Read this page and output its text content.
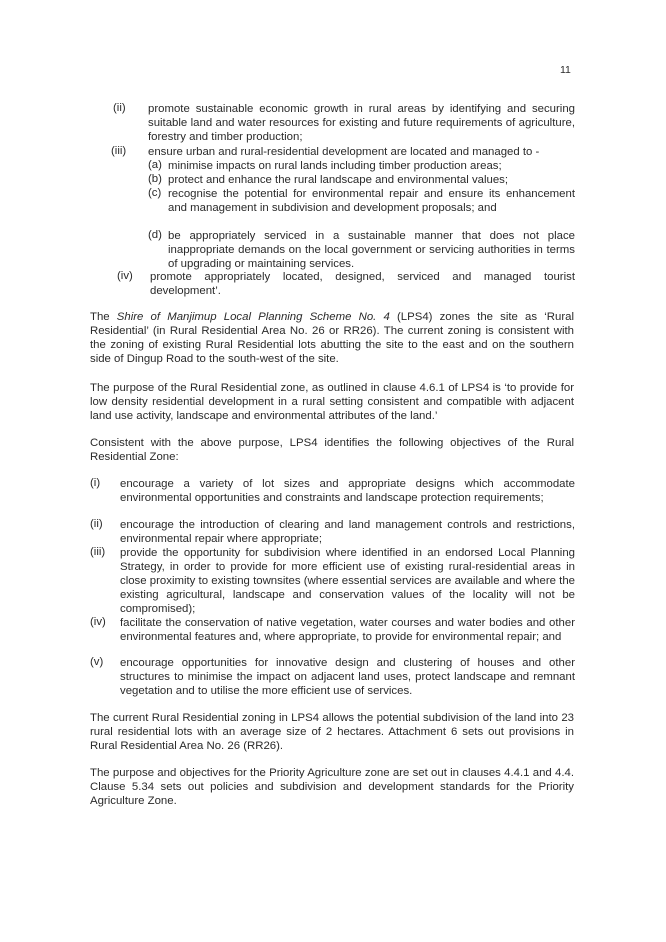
11
(ii) promote sustainable economic growth in rural areas by identifying and securing suitable land and water resources for existing and future requirements of agriculture, forestry and timber production;
(iii) ensure urban and rural-residential development are located and managed to -
(a) minimise impacts on rural lands including timber production areas;
(b) protect and enhance the rural landscape and environmental values;
(c) recognise the potential for environmental repair and ensure its enhancement and management in subdivision and development proposals; and
(d) be appropriately serviced in a sustainable manner that does not place inappropriate demands on the local government or servicing authorities in terms of upgrading or maintaining services.
(iv) promote appropriately located, designed, serviced and managed tourist development’.

The Shire of Manjimup Local Planning Scheme No. 4 (LPS4) zones the site as ‘Rural Residential’ (in Rural Residential Area No. 26 or RR26). The current zoning is consistent with the zoning of existing Rural Residential lots abutting the site to the east and on the southern side of Dingup Road to the south-west of the site.

The purpose of the Rural Residential zone, as outlined in clause 4.6.1 of LPS4 is ‘to provide for low density residential development in a rural setting consistent and compatible with adjacent land use activity, landscape and environmental attributes of the land.’

Consistent with the above purpose, LPS4 identifies the following objectives of the Rural Residential Zone:

(i) encourage a variety of lot sizes and appropriate designs which accommodate environmental opportunities and constraints and landscape protection requirements;
(ii) encourage the introduction of clearing and land management controls and restrictions, environmental repair where appropriate;
(iii) provide the opportunity for subdivision where identified in an endorsed Local Planning Strategy, in order to provide for more efficient use of existing rural-residential areas in close proximity to existing townsites (where essential services are available and where the existing agricultural, landscape and conservation values of the locality will not be compromised);
(iv) facilitate the conservation of native vegetation, water courses and water bodies and other environmental features and, where appropriate, to provide for environmental repair; and
(v) encourage opportunities for innovative design and clustering of houses and other structures to minimise the impact on adjacent land uses, protect landscape and remnant vegetation and to utilise the more efficient use of services.

The current Rural Residential zoning in LPS4 allows the potential subdivision of the land into 23 rural residential lots with an average size of 2 hectares. Attachment 6 sets out provisions in Rural Residential Area No. 26 (RR26).

The purpose and objectives for the Priority Agriculture zone are set out in clauses 4.4.1 and 4.4. Clause 5.34 sets out policies and subdivision and development standards for the Priority Agriculture Zone.
